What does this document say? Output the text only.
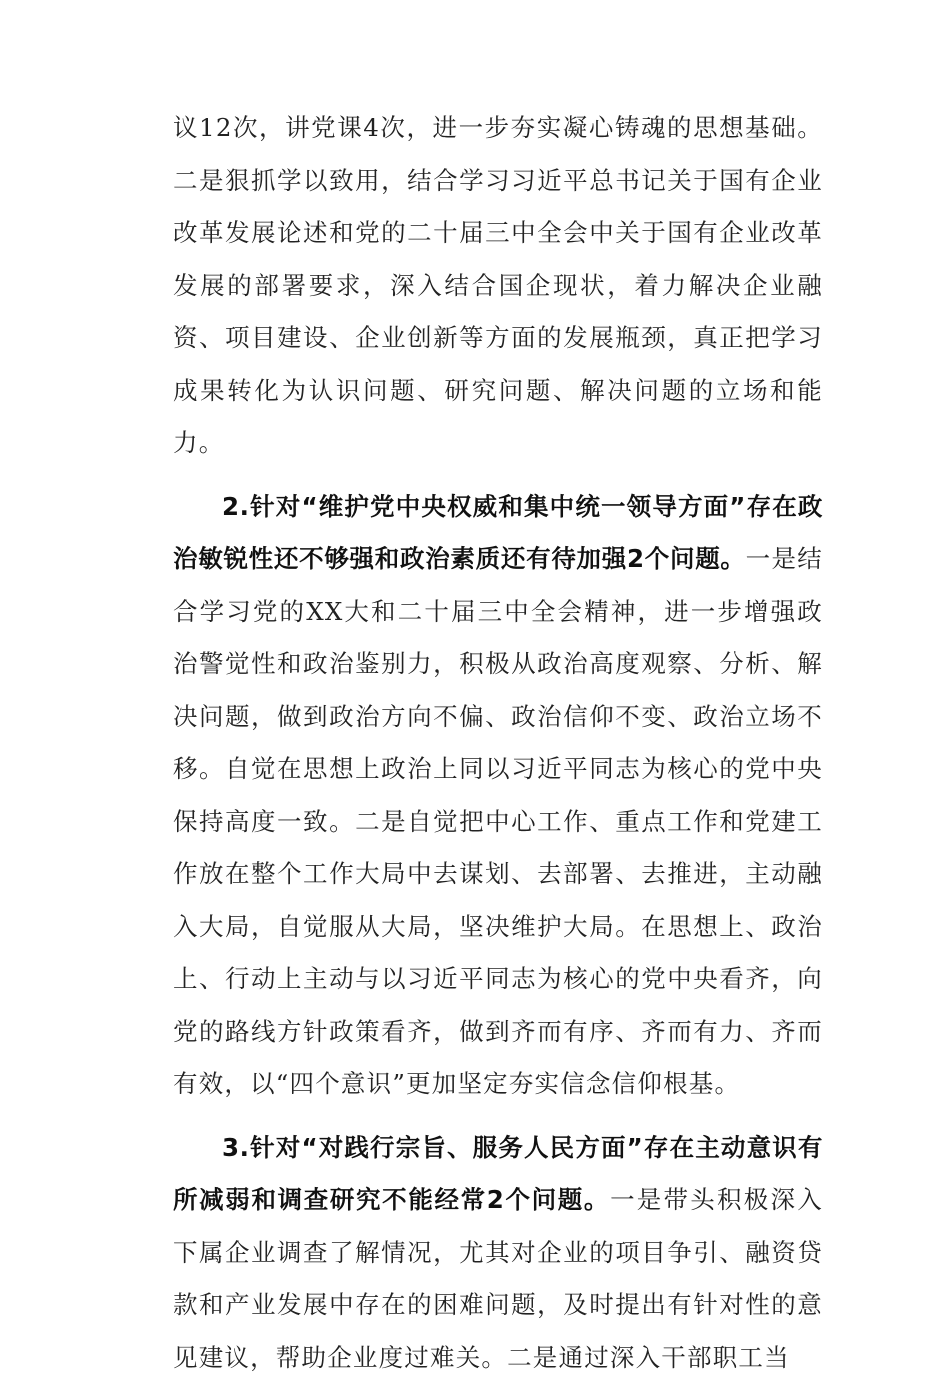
议12次，讲党课4次，进一步夯实凝心铸魂的思想基础。二是狠抓学以致用，结合学习习近平总书记关于国有企业改革发展论述和党的二十届三中全会中关于国有企业改革发展的部署要求，深入结合国企现状，着力解决企业融资、项目建设、企业创新等方面的发展瓶颈，真正把学习成果转化为认识问题、研究问题、解决问题的立场和能力。

2.针对“维护党中央权威和集中统一领导方面”存在政治敏锐性还不够强和政治素质还有待加强2个问题。一是结合学习党的XX大和二十届三中全会精神，进一步增强政治警觉性和政治鉴别力，积极从政治高度观察、分析、解决问题，做到政治方向不偏、政治信仰不变、政治立场不移。自觉在思想上政治上同以习近平同志为核心的党中央保持高度一致。二是自觉把中心工作、重点工作和党建工作放在整个工作大局中去谋划、去部署、去推进，主动融入大局，自觉服从大局，坚决维护大局。在思想上、政治上、行动上主动与以习近平同志为核心的党中央看齐，向党的路线方针政策看齐，做到齐而有序、齐而有力、齐而有效，以“四个意识”更加坚定夯实信念信仰根基。

3.针对“对践行宗旨、服务人民方面”存在主动意识有所减弱和调查研究不能经常2个问题。一是带头积极深入下属企业调查了解情况，尤其对企业的项目争引、融资贷款和产业发展中存在的困难问题，及时提出有针对性的意见建议，帮助企业度过难关。二是通过深入干部职工当
